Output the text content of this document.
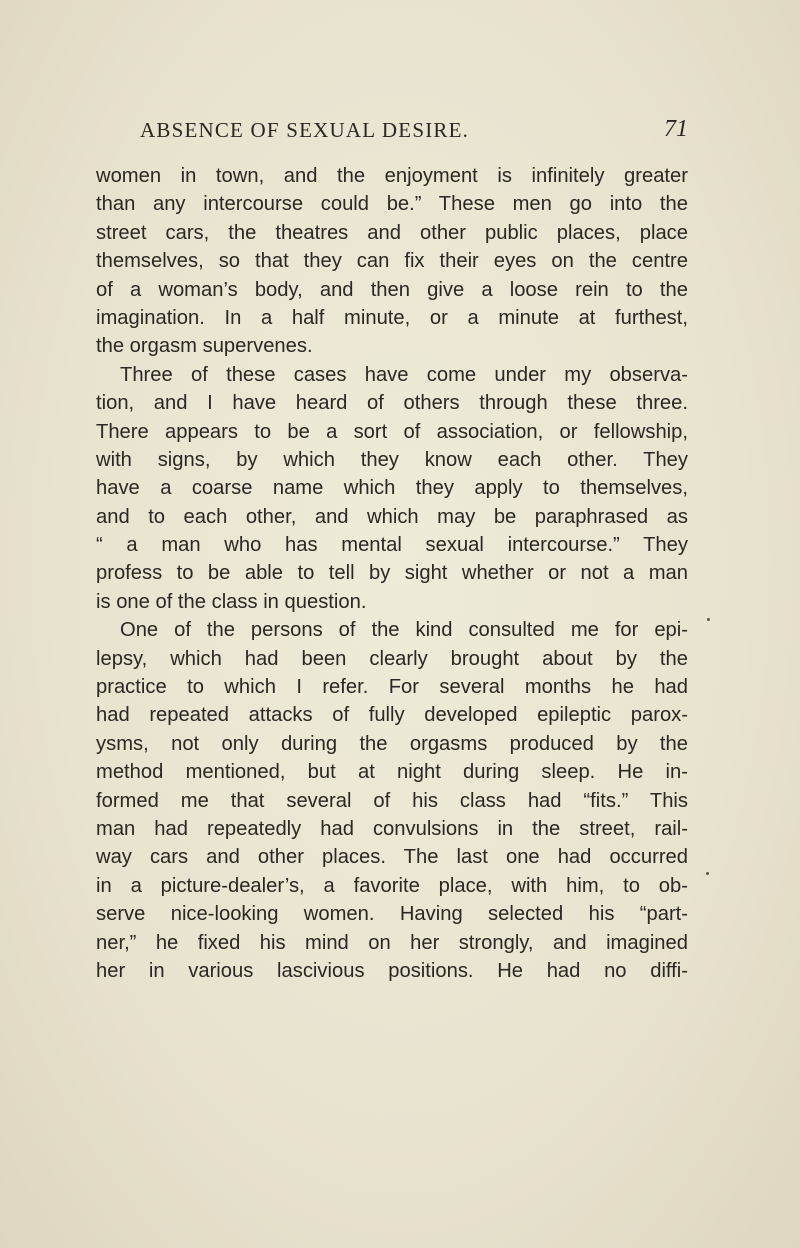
ABSENCE OF SEXUAL DESIRE.	71
women in town, and the enjoyment is infinitely greater
than any intercourse could be.” These men go into the
street cars, the theatres and other public places, place
themselves, so that they can fix their eyes on the centre
of a woman’s body, and then give a loose rein to the
imagination. In a half minute, or a minute at furthest,
the orgasm supervenes.
Three of these cases have come under my observa-
tion, and I have heard of others through these three.
There appears to be a sort of association, or fellowship,
with signs, by which they know each other. They
have a coarse name which they apply to themselves,
and to each other, and which may be paraphrased as
“ a man who has mental sexual intercourse.” They
profess to be able to tell by sight whether or not a man
is one of the class in question.
One of the persons of the kind consulted me for epi-
lepsy, which had been clearly brought about by the
practice to which I refer. For several months he had
had repeated attacks of fully developed epileptic parox-
ysms, not only during the orgasms produced by the
method mentioned, but at night during sleep. He in-
formed me that several of his class had “fits.” This
man had repeatedly had convulsions in the street, rail-
way cars and other places. The last one had occurred
in a picture-dealer’s, a favorite place, with him, to ob-
serve nice-looking women. Having selected his “part-
ner,” he fixed his mind on her strongly, and imagined
her in various lascivious positions. He had no diffi-
